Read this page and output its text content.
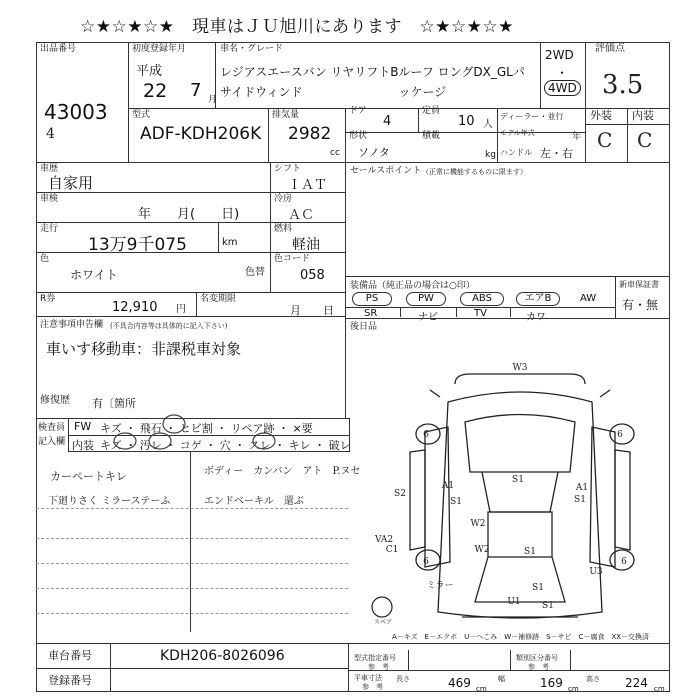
☆★☆★☆★　現車はＪＵ旭川にあります　☆★☆★☆★
出品番号
43003
4
初度登録年月
平成
22 7 月
車名・グレード
レジアスエースバン リヤリフトBルーフ ロングDX_GLパ
サイドウィンド　　　　　　　　ッケージ
2WD
・
4WD
評価点
3.5
型式
ADF-KDH206K
排気量
2982
cc
ドア
4
定員
10 人
ディーラー・並行
モデル年式	年
形状
ソノタ
積載
kg ハンドル 左・右
外装 内装
C C
車歴
自家用
シフト
ＩＡＴ
車検
年　　月(　　日)
冷房
ＡＣ
走行
13万9千075	km
燃料
軽油
色
ホワイト	色替
色コード
058
R券
12,910 円
名変期限
月　　日
注意事項申告欄 (不具合内容等は具体的に記入下さい)
車いす移動車：非課税車対象
修復歴 有〔箇所
セールスポイント （正常に機能するものに限ます）
装備品 （純正品の場合は○印）
PS	PW	ABS	エアB	AW
SR	ナビ	TV	カワ
新車保証書
有・無
後日品
検査員
記入欄
FW キズ ・ 飛石 ・ ヒビ割 ・ リペア跡 ・ ×要
内装 キズ ・ 汚レ ・ コゲ ・ 穴 ・ スレ ・ キレ ・ 破レ
カーペートキレ	ボディー　カンバン　アト　P.ヌセ
下廻りさく ミラーステーふ	エンドベーキル　還ぶ
W3
6	6
A1
S1
S1
A1
S2
S1
W2
W2	S1
VA2
C1
6	6
U3
ミラー	S1
U1 S1
スペア
A－キズ　E－エクボ　U－へこみ　W－補修跡　S－サビ　C－腐食　XX－交換済
車台番号	KDH206-8026096
登録番号
型式指定番号
参　考
類別区分番号
参　考
平車寸法
参　考
長さ	469 cm
幅	169 cm
高さ 224 cm
